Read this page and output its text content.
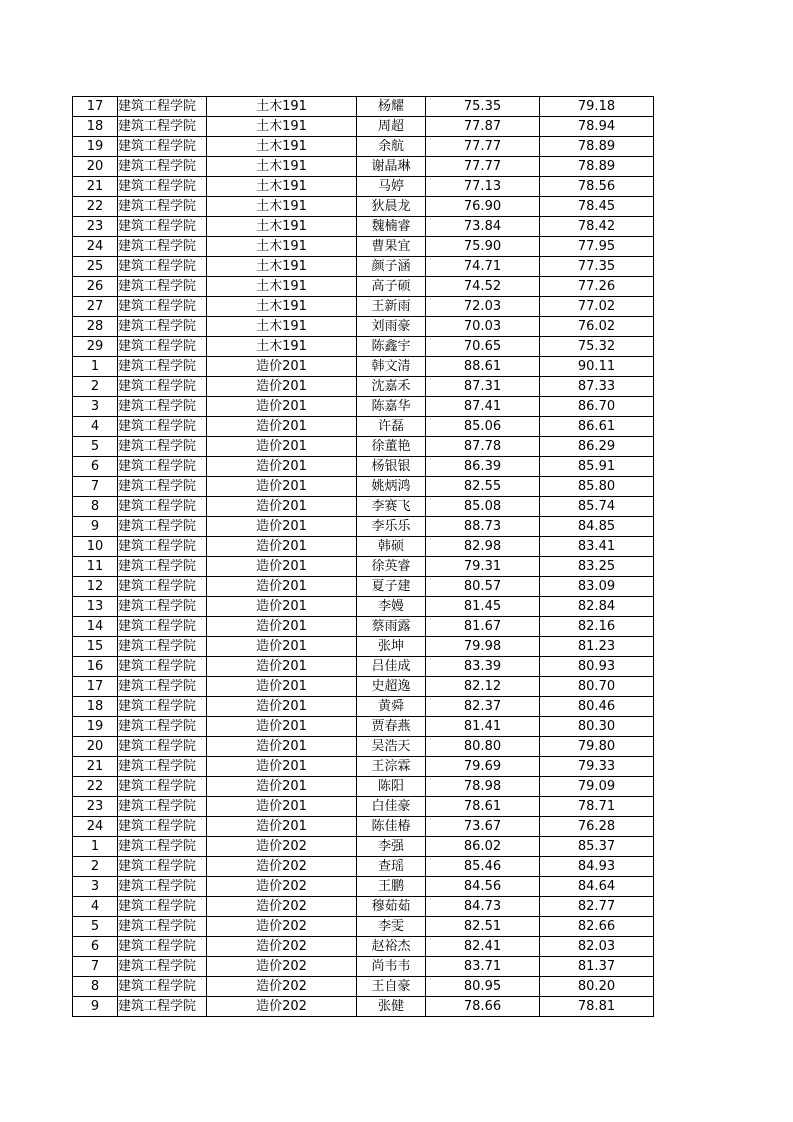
17	建筑工程学院	土木191	杨耀	75.35	79.18
18	建筑工程学院	土木191	周超	77.87	78.94
19	建筑工程学院	土木191	余航	77.77	78.89
20	建筑工程学院	土木191	谢晶琳	77.77	78.89
21	建筑工程学院	土木191	马婷	77.13	78.56
22	建筑工程学院	土木191	狄晨龙	76.90	78.45
23	建筑工程学院	土木191	魏楠睿	73.84	78.42
24	建筑工程学院	土木191	曹果宜	75.90	77.95
25	建筑工程学院	土木191	颜子涵	74.71	77.35
26	建筑工程学院	土木191	高子硕	74.52	77.26
27	建筑工程学院	土木191	王新雨	72.03	77.02
28	建筑工程学院	土木191	刘雨豪	70.03	76.02
29	建筑工程学院	土木191	陈鑫宇	70.65	75.32
1	建筑工程学院	造价201	韩文清	88.61	90.11
2	建筑工程学院	造价201	沈嘉禾	87.31	87.33
3	建筑工程学院	造价201	陈嘉华	87.41	86.70
4	建筑工程学院	造价201	许磊	85.06	86.61
5	建筑工程学院	造价201	徐董艳	87.78	86.29
6	建筑工程学院	造价201	杨银银	86.39	85.91
7	建筑工程学院	造价201	姚炳鸿	82.55	85.80
8	建筑工程学院	造价201	李赛飞	85.08	85.74
9	建筑工程学院	造价201	李乐乐	88.73	84.85
10	建筑工程学院	造价201	韩硕	82.98	83.41
11	建筑工程学院	造价201	徐英睿	79.31	83.25
12	建筑工程学院	造价201	夏子建	80.57	83.09
13	建筑工程学院	造价201	李嫚	81.45	82.84
14	建筑工程学院	造价201	蔡雨露	81.67	82.16
15	建筑工程学院	造价201	张坤	79.98	81.23
16	建筑工程学院	造价201	吕佳成	83.39	80.93
17	建筑工程学院	造价201	史超逸	82.12	80.70
18	建筑工程学院	造价201	黄舜	82.37	80.46
19	建筑工程学院	造价201	贾春燕	81.41	80.30
20	建筑工程学院	造价201	吴浩天	80.80	79.80
21	建筑工程学院	造价201	王淙霖	79.69	79.33
22	建筑工程学院	造价201	陈阳	78.98	79.09
23	建筑工程学院	造价201	白佳豪	78.61	78.71
24	建筑工程学院	造价201	陈佳椿	73.67	76.28
1	建筑工程学院	造价202	李强	86.02	85.37
2	建筑工程学院	造价202	查瑶	85.46	84.93
3	建筑工程学院	造价202	王鹏	84.56	84.64
4	建筑工程学院	造价202	穆茹茹	84.73	82.77
5	建筑工程学院	造价202	李雯	82.51	82.66
6	建筑工程学院	造价202	赵裕杰	82.41	82.03
7	建筑工程学院	造价202	尚韦韦	83.71	81.37
8	建筑工程学院	造价202	王自豪	80.95	80.20
9	建筑工程学院	造价202	张健	78.66	78.81
